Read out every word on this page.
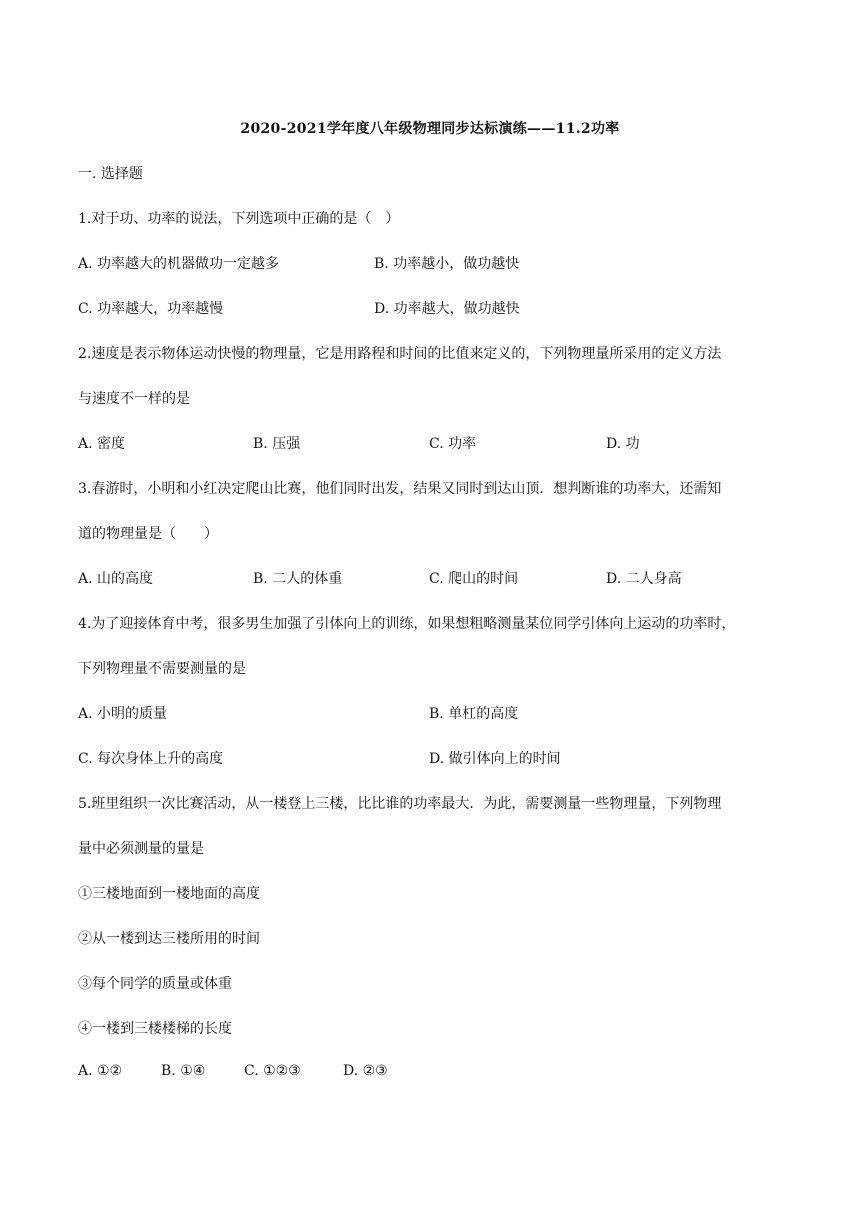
2020-2021学年度八年级物理同步达标演练——11.2功率
一. 选择题
1.对于功、功率的说法，下列选项中正确的是（　）
A. 功率越大的机器做功一定越多	B. 功率越小，做功越快
C. 功率越大，功率越慢	D. 功率越大，做功越快
2.速度是表示物体运动快慢的物理量，它是用路程和时间的比值来定义的，下列物理量所采用的定义方法
与速度不一样的是
A. 密度	B. 压强	C. 功率	D. 功
3.春游时，小明和小红决定爬山比赛，他们同时出发，结果又同时到达山顶．想判断谁的功率大，还需知
道的物理量是（　　）
A. 山的高度	B. 二人的体重	C. 爬山的时间	D. 二人身高
4.为了迎接体育中考，很多男生加强了引体向上的训练，如果想粗略测量某位同学引体向上运动的功率时，
下列物理量不需要测量的是
A. 小明的质量	B. 单杠的高度
C. 每次身体上升的高度	D. 做引体向上的时间
5.班里组织一次比赛活动，从一楼登上三楼，比比谁的功率最大．为此，需要测量一些物理量，下列物理
量中必须测量的量是
①三楼地面到一楼地面的高度
②从一楼到达三楼所用的时间
③每个同学的质量或体重
④一楼到三楼楼梯的长度
A. ①②	B. ①④	C. ①②③	D. ②③
